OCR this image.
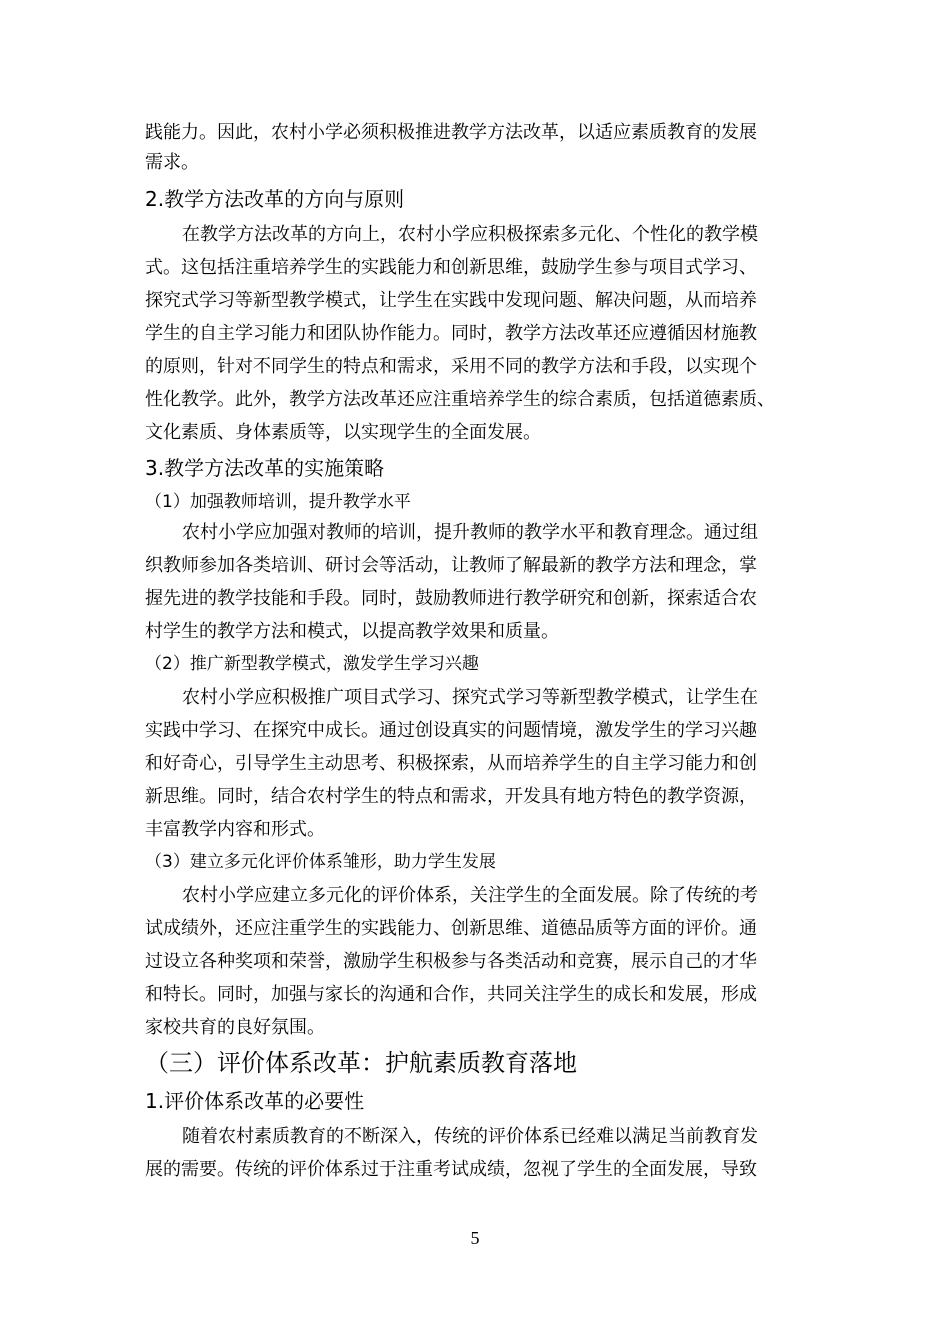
践能力。因此，农村小学必须积极推进教学方法改革，以适应素质教育的发展
需求。
2.教学方法改革的方向与原则
在教学方法改革的方向上，农村小学应积极探索多元化、个性化的教学模
式。这包括注重培养学生的实践能力和创新思维，鼓励学生参与项目式学习、
探究式学习等新型教学模式，让学生在实践中发现问题、解决问题，从而培养
学生的自主学习能力和团队协作能力。同时，教学方法改革还应遵循因材施教
的原则，针对不同学生的特点和需求，采用不同的教学方法和手段，以实现个
性化教学。此外，教学方法改革还应注重培养学生的综合素质，包括道德素质、
文化素质、身体素质等，以实现学生的全面发展。
3.教学方法改革的实施策略
（1）加强教师培训，提升教学水平
农村小学应加强对教师的培训，提升教师的教学水平和教育理念。通过组
织教师参加各类培训、研讨会等活动，让教师了解最新的教学方法和理念，掌
握先进的教学技能和手段。同时，鼓励教师进行教学研究和创新，探索适合农
村学生的教学方法和模式，以提高教学效果和质量。
（2）推广新型教学模式，激发学生学习兴趣
农村小学应积极推广项目式学习、探究式学习等新型教学模式，让学生在
实践中学习、在探究中成长。通过创设真实的问题情境，激发学生的学习兴趣
和好奇心，引导学生主动思考、积极探索，从而培养学生的自主学习能力和创
新思维。同时，结合农村学生的特点和需求，开发具有地方特色的教学资源，
丰富教学内容和形式。
（3）建立多元化评价体系雏形，助力学生发展
农村小学应建立多元化的评价体系，关注学生的全面发展。除了传统的考
试成绩外，还应注重学生的实践能力、创新思维、道德品质等方面的评价。通
过设立各种奖项和荣誉，激励学生积极参与各类活动和竞赛，展示自己的才华
和特长。同时，加强与家长的沟通和合作，共同关注学生的成长和发展，形成
家校共育的良好氛围。
（三）评价体系改革：护航素质教育落地
1.评价体系改革的必要性
随着农村素质教育的不断深入，传统的评价体系已经难以满足当前教育发
展的需要。传统的评价体系过于注重考试成绩，忽视了学生的全面发展，导致
5
